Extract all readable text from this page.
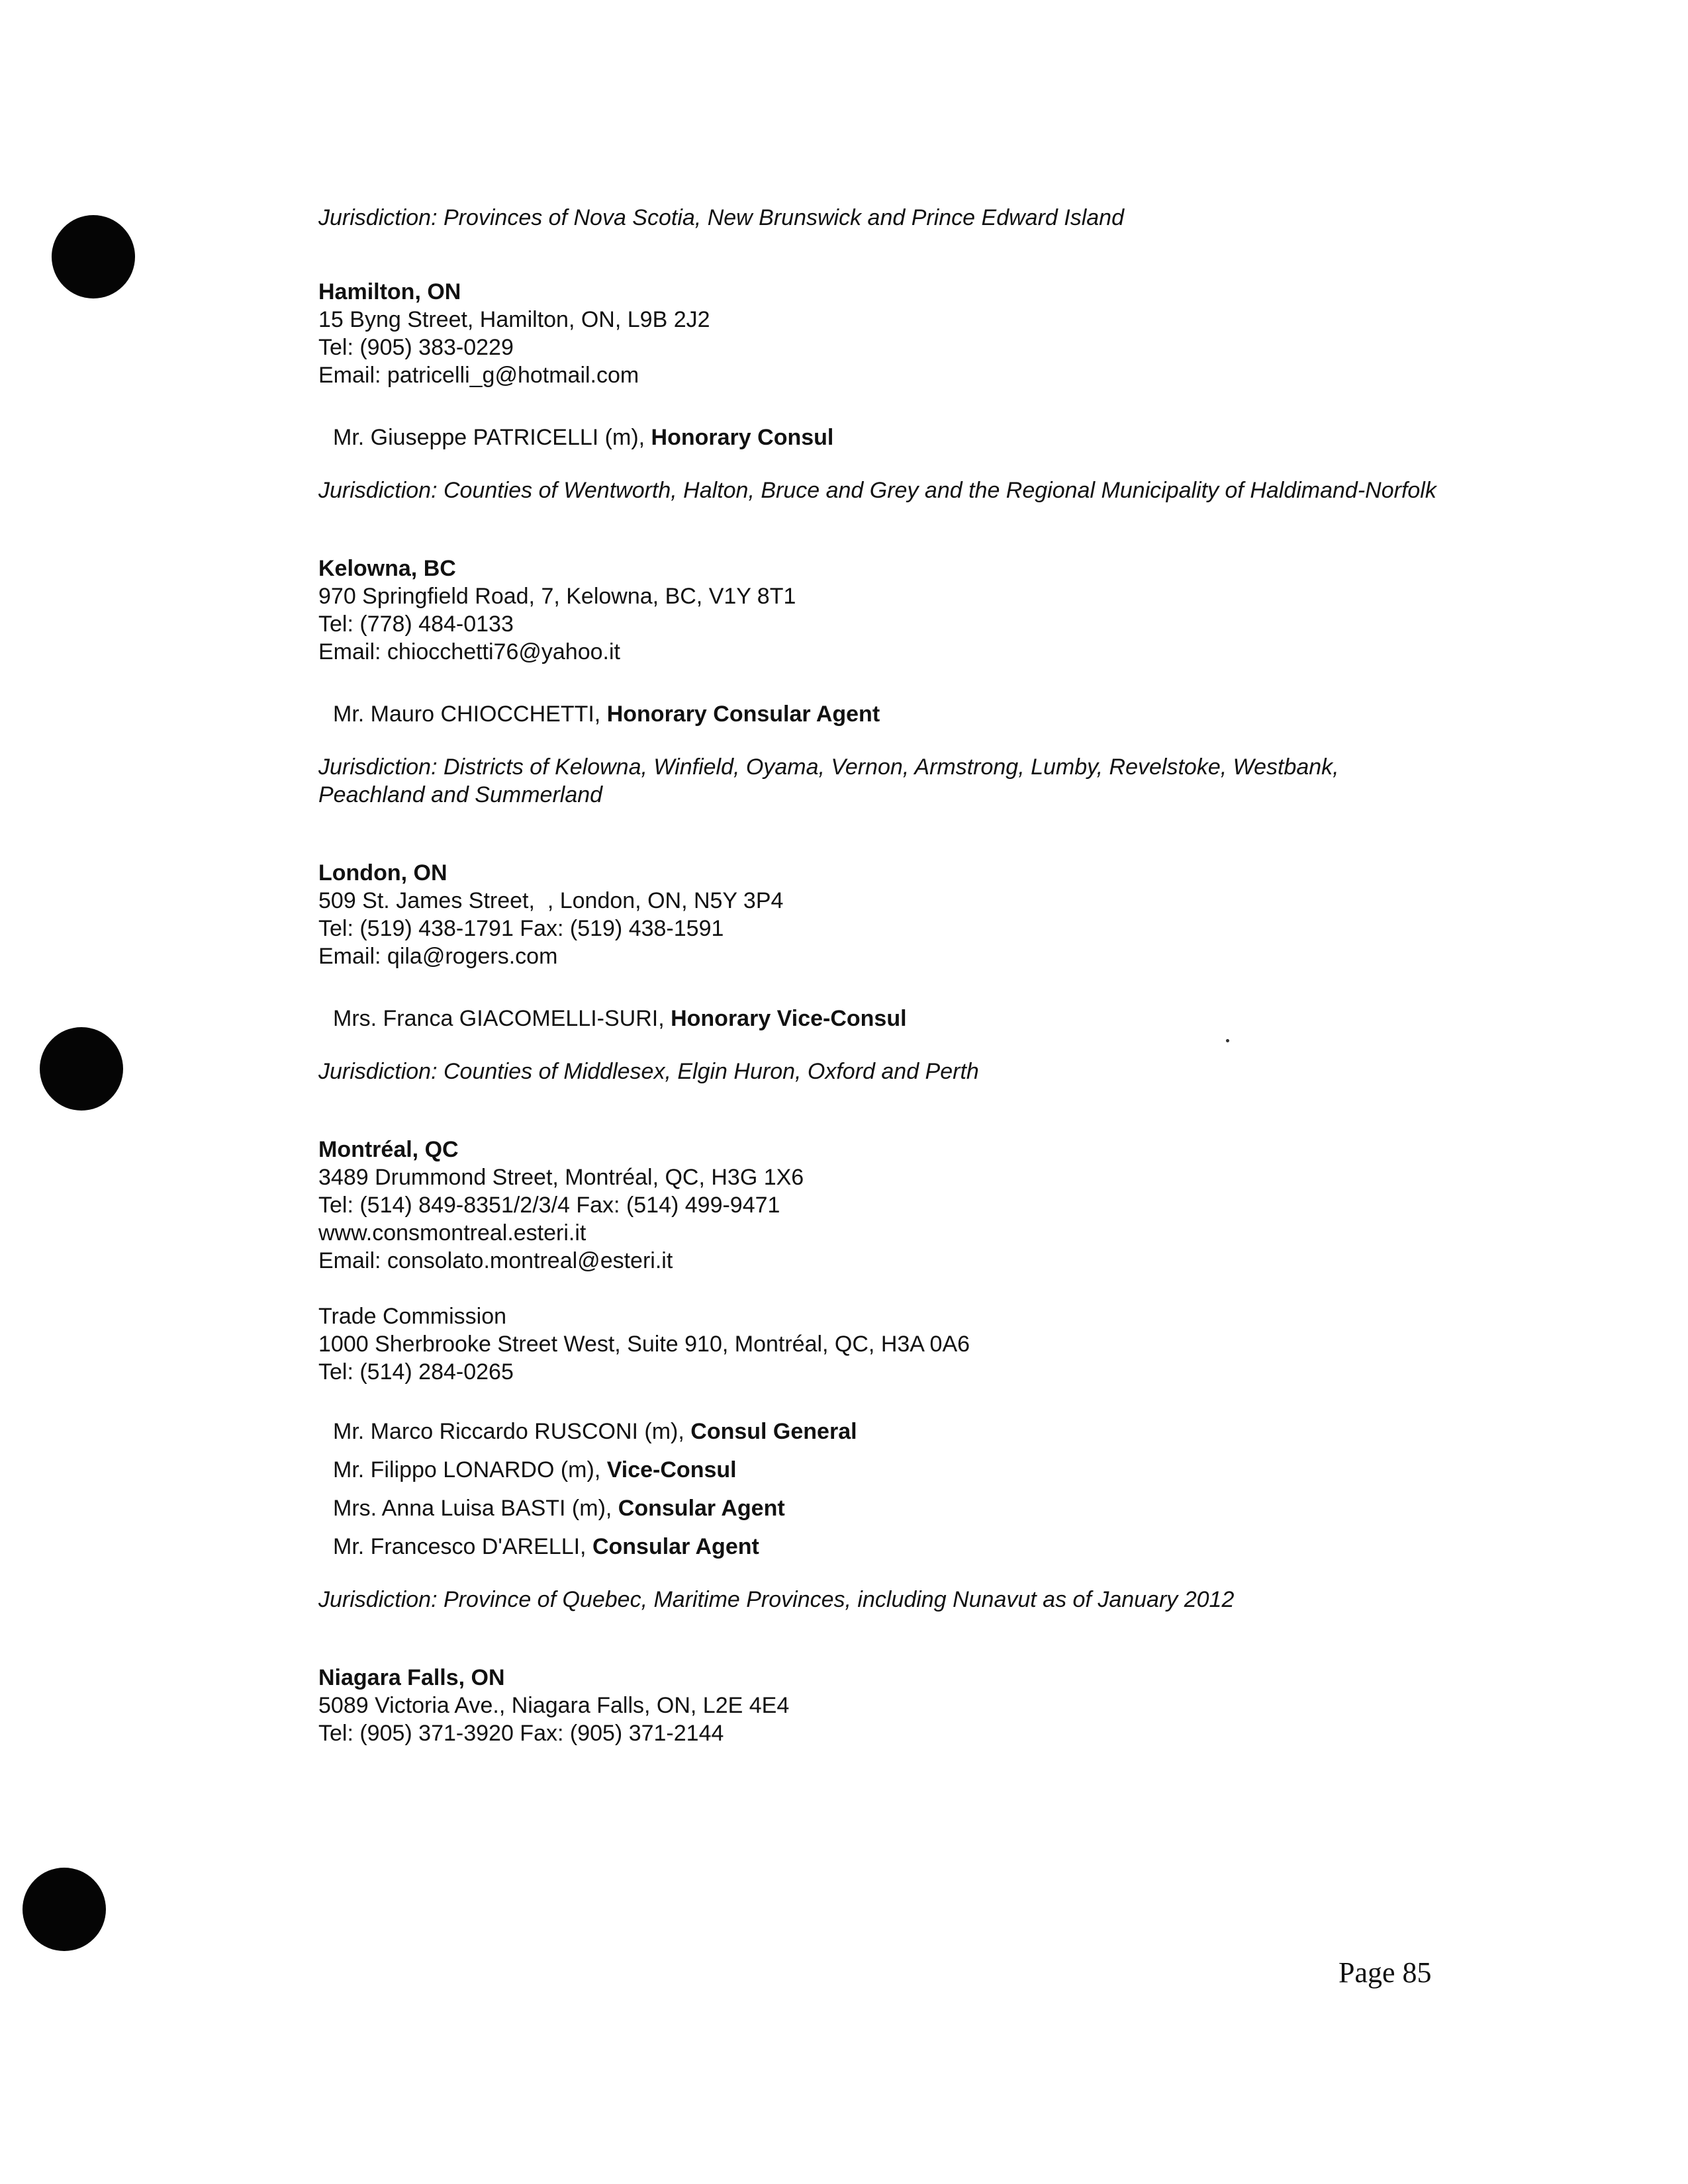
Jurisdiction: Provinces of Nova Scotia, New Brunswick and Prince Edward Island
Hamilton, ON
15 Byng Street, Hamilton, ON, L9B 2J2
Tel: (905) 383-0229
Email: patricelli_g@hotmail.com
Mr. Giuseppe PATRICELLI (m), Honorary Consul
Jurisdiction: Counties of Wentworth, Halton, Bruce and Grey and the Regional Municipality of Haldimand-Norfolk
Kelowna, BC
970 Springfield Road, 7, Kelowna, BC, V1Y 8T1
Tel: (778) 484-0133
Email: chiocchetti76@yahoo.it
Mr. Mauro CHIOCCHETTI, Honorary Consular Agent
Jurisdiction: Districts of Kelowna, Winfield, Oyama, Vernon, Armstrong, Lumby, Revelstoke, Westbank, Peachland and Summerland
London, ON
509 St. James Street,  , London, ON, N5Y 3P4
Tel: (519) 438-1791 Fax: (519) 438-1591
Email: qila@rogers.com
Mrs. Franca GIACOMELLI-SURI, Honorary Vice-Consul
Jurisdiction: Counties of Middlesex, Elgin Huron, Oxford and Perth
Montréal, QC
3489 Drummond Street, Montréal, QC, H3G 1X6
Tel: (514) 849-8351/2/3/4 Fax: (514) 499-9471
www.consmontreal.esteri.it
Email: consolato.montreal@esteri.it
Trade Commission
1000 Sherbrooke Street West, Suite 910, Montréal, QC, H3A 0A6
Tel: (514) 284-0265
Mr. Marco Riccardo RUSCONI (m), Consul General
Mr. Filippo LONARDO (m), Vice-Consul
Mrs. Anna Luisa BASTI (m), Consular Agent
Mr. Francesco D'ARELLI, Consular Agent
Jurisdiction: Province of Quebec, Maritime Provinces, including Nunavut as of January 2012
Niagara Falls, ON
5089 Victoria Ave., Niagara Falls, ON, L2E 4E4
Tel: (905) 371-3920 Fax: (905) 371-2144
Page 85
